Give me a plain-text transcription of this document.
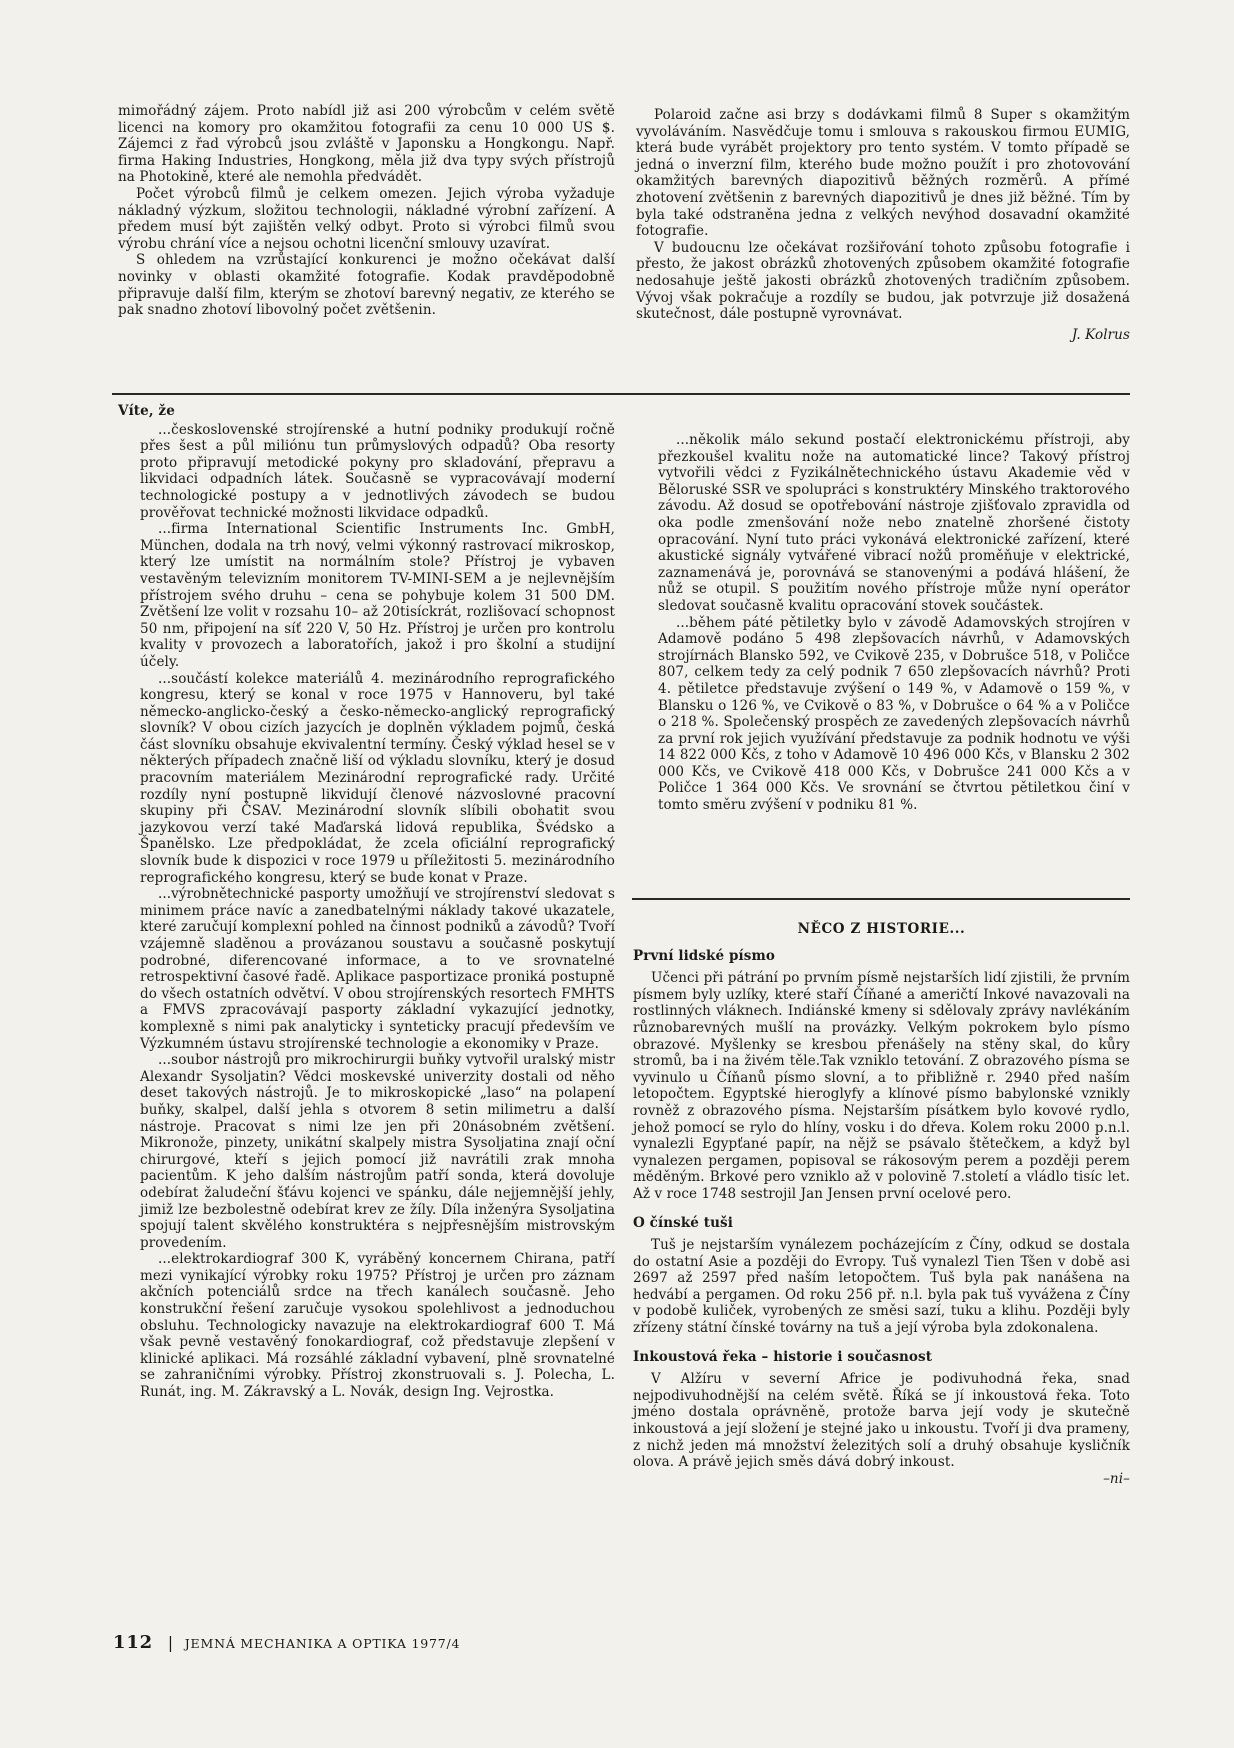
mimořádný zájem. Proto nabídl již asi 200 výrobcům v celém světě licenci na komory pro okamžitou fotografii za cenu 10 000 US $. Zájemci z řad výrobců jsou zvláště v Japonsku a Hongkongu. Např. firma Haking Industries, Hongkong, měla již dva typy svých přístrojů na Photokině, které ale nemohla předvádět.

Počet výrobců filmů je celkem omezen. Jejich výroba vyžaduje nákladný výzkum, složitou technologii, nákladné výrobní zařízení. A předem musí být zajištěn velký odbyt. Proto si výrobci filmů svou výrobu chrání více a nejsou ochotni licenční smlouvy uzavírat.

S ohledem na vzrůstající konkurenci je možno očekávat další novinky v oblasti okamžité fotografie. Kodak pravděpodobně připravuje další film, kterým se zhotoví barevný negativ, ze kterého se pak snadno zhotoví libovolný počet zvětšenin.

Polaroid začne asi brzy s dodávkami filmů 8 Super s okamžitým vyvoláváním. Nasvědčuje tomu i smlouva s rakouskou firmou EUMIG, která bude vyrábět projektory pro tento systém. V tomto případě se jedná o inverzní film, kterého bude možno použít i pro zhotovování okamžitých barevných diapozitivů běžných rozměrů. A přímé zhotovení zvětšenin z barevných diapozitivů je dnes již běžné. Tím by byla také odstraněna jedna z velkých nevýhod dosavadní okamžité fotografie.

V budoucnu lze očekávat rozšiřování tohoto způsobu fotografie i přesto, že jakost obrázků zhotovených způsobem okamžité fotografie nedosahuje ještě jakosti obrázků zhotovených tradičním způsobem. Vývoj však pokračuje a rozdíly se budou, jak potvrzuje již dosažená skutečnost, dále postupně vyrovnávat.

J. Kolrus
Víte, že

...československé strojírenské a hutní podniky produkují ročně přes šest a půl miliónu tun průmyslových odpadů? Oba resorty proto připravují metodické pokyny pro skladování, přepravu a likvidaci odpadních látek. Současně se vypracovávají moderní technologické postupy a v jednotlivých závodech se budou prověřovat technické možnosti likvidace odpadků.

...firma International Scientific Instruments Inc. GmbH, München, dodala na trh nový, velmi výkonný rastrovací mikroskop, který lze umístit na normálním stole? Přístroj je vybaven vestavěným televizním monitorem TV-MINI-SEM a je nejlevnějším přístrojem svého druhu – cena se pohybuje kolem 31 500 DM. Zvětšení lze volit v rozsahu 10– až 20tisíckrát, rozlišovací schopnost 50 nm, připojení na síť 220 V, 50 Hz. Přístroj je určen pro kontrolu kvality v provozech a laboratořích, jakož i pro školní a studijní účely.

...součástí kolekce materiálů 4. mezinárodního reprografického kongresu, který se konal v roce 1975 v Hannoveru, byl také německo-anglicko-český a česko-německo-anglický reprografický slovník? V obou cizích jazycích je doplněn výkladem pojmů, česká část slovníku obsahuje ekvivalentní termíny. Český výklad hesel se v některých případech značně liší od výkladu slovníku, který je dosud pracovním materiálem Mezinárodní reprografické rady. Určité rozdíly nyní postupně likvidují členové názvoslovné pracovní skupiny při ČSAV. Mezinárodní slovník slíbili obohatit svou jazykovou verzí také Maďarská lidová republika, Švédsko a Španělsko. Lze předpokládat, že zcela oficiální reprografický slovník bude k dispozici v roce 1979 u příležitosti 5. mezinárodního reprografického kongresu, který se bude konat v Praze.

...výrobnětechnické pasporty umožňují ve strojírenství sledovat s minimem práce navíc a zanedbatelnými náklady takové ukazatele, které zaručují komplexní pohled na činnost podniků a závodů? Tvoří vzájemně sladěnou a provázanou soustavu a současně poskytují podrobné, diferencované informace, a to ve srovnatelné retrospektivní časové řadě. Aplikace pasportizace proniká postupně do všech ostatních odvětví. V obou strojírenských resortech FMHTS a FMVS zpracovávají pasporty základní vykazující jednotky, komplexně s nimi pak analyticky i synteticky pracují především ve Výzkumném ústavu strojírenské technologie a ekonomiky v Praze.

...soubor nástrojů pro mikrochirurgii buňky vytvořil uralský mistr Alexandr Sysoljatin? Vědci moskevské univerzity dostali od něho deset takových nástrojů. Je to mikroskopické „laso“ na polapení buňky, skalpel, další jehla s otvorem 8 setin milimetru a další nástroje. Pracovat s nimi lze jen při 20násobném zvětšení. Mikronože, pinzety, unikátní skalpely mistra Sysoljatina znají oční chirurgové, kteří s jejich pomocí již navrátili zrak mnoha pacientům. K jeho dalším nástrojům patří sonda, která dovoluje odebírat žaludeční šťávu kojenci ve spánku, dále nejjemnější jehly, jimiž lze bezbolestně odebírat krev ze žíly. Díla inženýra Sysoljatina spojují talent skvělého konstruktéra s nejpřesnějším mistrovským provedením.

...elektrokardiograf 300 K, vyráběný koncernem Chirana, patří mezi vynikající výrobky roku 1975? Přístroj je určen pro záznam akčních potenciálů srdce na třech kanálech současně. Jeho konstrukční řešení zaručuje vysokou spolehlivost a jednoduchou obsluhu. Technologicky navazuje na elektrokardiograf 600 T. Má však pevně vestavěný fonokardiograf, což představuje zlepšení v klinické aplikaci. Má rozsáhlé základní vybavení, plně srovnatelné se zahraničními výrobky. Přístroj zkonstruovali s. J. Polecha, L. Runát, ing. M. Zákravský a L. Novák, design Ing. Vejrostka.

...několik málo sekund postačí elektronickému přístroji, aby přezkoušel kvalitu nože na automatické lince? Takový přístroj vytvořili vědci z Fyzikálnětechnického ústavu Akademie věd v Běloruské SSR ve spolupráci s konstruktéry Minského traktorového závodu. Až dosud se opotřebování nástroje zjišťovalo zpravidla od oka podle zmenšování nože nebo znatelně zhoršené čistoty opracování. Nyní tuto práci vykonává elektronické zařízení, které akustické signály vytvářené vibrací nožů proměňuje v elektrické, zaznamenává je, porovnává se stanovenými a podává hlášení, že nůž se otupil. S použitím nového přístroje může nyní operátor sledovat současně kvalitu opracování stovek součástek.

...během páté pětiletky bylo v závodě Adamovských strojíren v Adamově podáno 5 498 zlepšovacích návrhů, v Adamovských strojírnách Blansko 592, ve Cvikově 235, v Dobrušce 518, v Poličce 807, celkem tedy za celý podnik 7 650 zlepšovacích návrhů? Proti 4. pětiletce představuje zvýšení o 149 %, v Adamově o 159 %, v Blansku o 126 %, ve Cvikově o 83 %, v Dobrušce o 64 % a v Poličce o 218 %. Společenský prospěch ze zavedených zlepšovacích návrhů za první rok jejich využívání představuje za podnik hodnotu ve výši 14 822 000 Kčs, z toho v Adamově 10 496 000 Kčs, v Blansku 2 302 000 Kčs, ve Cvikově 418 000 Kčs, v Dobrušce 241 000 Kčs a v Poličce 1 364 000 Kčs. Ve srovnání se čtvrtou pětiletkou činí v tomto směru zvýšení v podniku 81 %.

NĚCO Z HISTORIE...
První lidské písmo

Učenci při pátrání po prvním písmě nejstarších lidí zjistili, že prvním písmem byly uzlíky, které staří Číňané a američtí Inkové navazovali na rostlinných vláknech. Indiánské kmeny si sdělovaly zprávy navlékáním různobarevných mušlí na provázky. Velkým pokrokem bylo písmo obrazové. Myšlenky se kresbou přenášely na stěny skal, do kůry stromů, ba i na živém těle.Tak vzniklo tetování. Z obrazového písma se vyvinulo u Číňanů písmo slovní, a to přibližně r. 2940 před naším letopočtem. Egyptské hieroglyfy a klínové písmo babylonské vznikly rovněž z obrazového písma. Nejstarším písátkem bylo kovové rydlo, jehož pomocí se rylo do hlíny, vosku i do dřeva. Kolem roku 2000 p.n.l. vynalezli Egypťané papír, na nějž se psávalo štětečkem, a když byl vynalezen pergamen, popisoval se rákosovým perem a později perem měděným. Brkové pero vzniklo až v polovině 7.století a vládlo tisíc let. Až v roce 1748 sestrojil Jan Jensen první ocelové pero.

O čínské tuši

Tuš je nejstarším vynálezem pocházejícím z Číny, odkud se dostala do ostatní Asie a později do Evropy. Tuš vynalezl Tien Tšen v době asi 2697 až 2597 před naším letopočtem. Tuš byla pak nanášena na hedvábí a pergamen. Od roku 256 př. n.l. byla pak tuš vyvážena z Číny v podobě kuliček, vyrobených ze směsi sazí, tuku a klihu. Později byly zřízeny státní čínské továrny na tuš a její výroba byla zdokonalena.

Inkoustová řeka – historie i současnost

V Alžíru v severní Africe je podivuhodná řeka, snad nejpodivuhodnější na celém světě. Říká se jí inkoustová řeka. Toto jméno dostala oprávněně, protože barva její vody je skutečně inkoustová a její složení je stejné jako u inkoustu. Tvoří ji dva prameny, z nichž jeden má množství železitých solí a druhý obsahuje kysličník olova. A právě jejich směs dává dobrý inkoust.

–ni–
112 | JEMNÁ MECHANIKA A OPTIKA 1977/4
